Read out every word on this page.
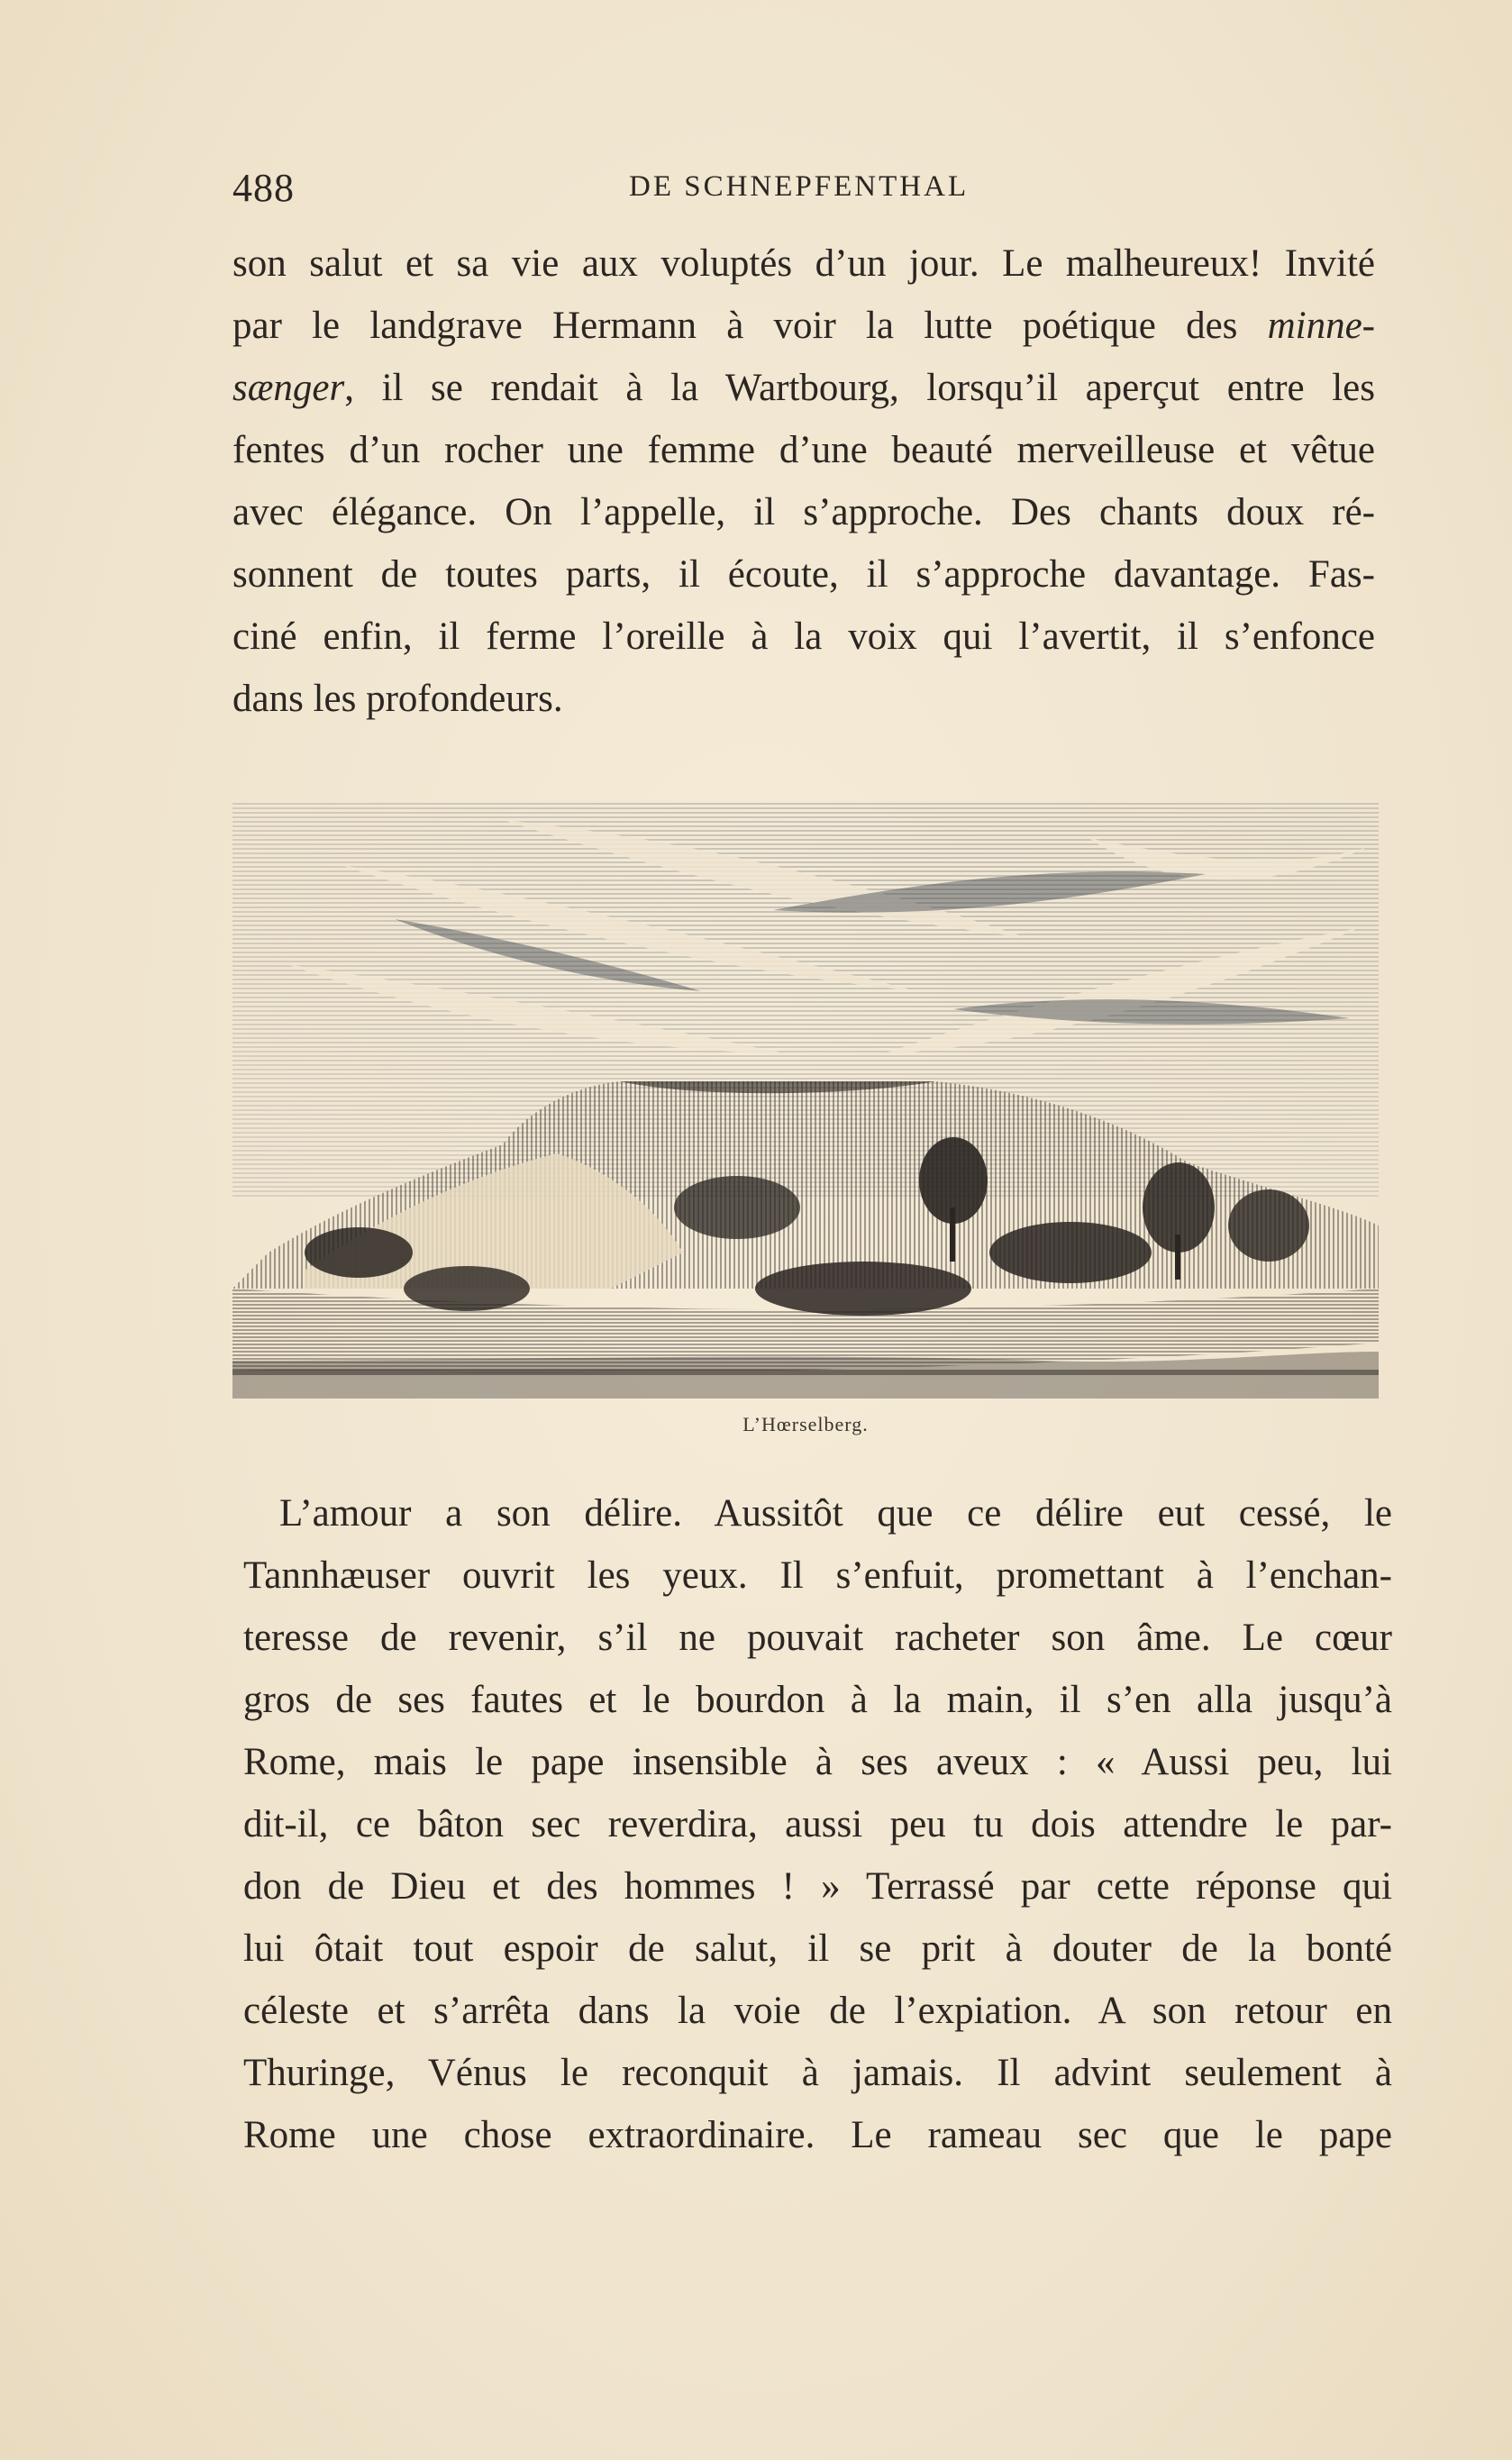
488	DE SCHNEPFENTHAL
son salut et sa vie aux voluptés d’un jour. Le malheureux! Invité
par le landgrave Hermann à voir la lutte poétique des minne-
sænger, il se rendait à la Wartbourg, lorsqu’il aperçut entre les
fentes d’un rocher une femme d’une beauté merveilleuse et vêtue
avec élégance. On l’appelle, il s’approche. Des chants doux ré-
sonnent de toutes parts, il écoute, il s’approche davantage. Fas-
ciné enfin, il ferme l’oreille à la voix qui l’avertit, il s’enfonce
dans les profondeurs.
L’Hœrselberg.
L’amour a son délire. Aussitôt que ce délire eut cessé, le
Tannhæuser ouvrit les yeux. Il s’enfuit, promettant à l’enchan-
teresse de revenir, s’il ne pouvait racheter son âme. Le cœur
gros de ses fautes et le bourdon à la main, il s’en alla jusqu’à
Rome, mais le pape insensible à ses aveux : « Aussi peu, lui
dit-il, ce bâton sec reverdira, aussi peu tu dois attendre le par-
don de Dieu et des hommes ! » Terrassé par cette réponse qui
lui ôtait tout espoir de salut, il se prit à douter de la bonté
céleste et s’arrêta dans la voie de l’expiation. A son retour en
Thuringe, Vénus le reconquit à jamais. Il advint seulement à
Rome une chose extraordinaire. Le rameau sec que le pape
